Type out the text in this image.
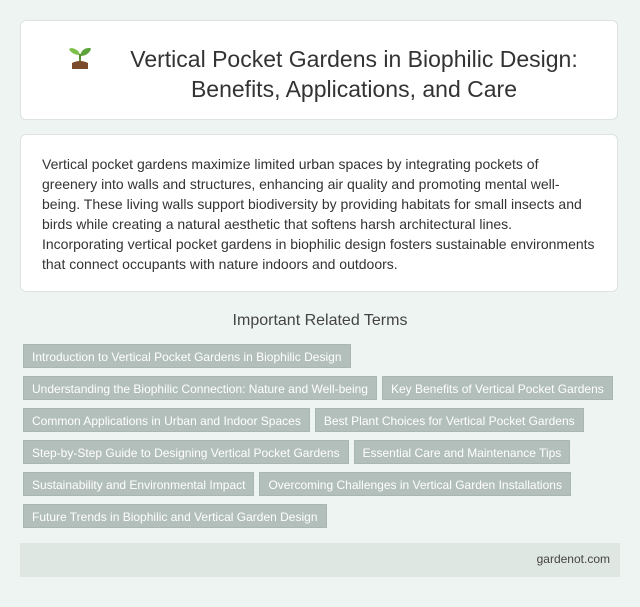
Vertical Pocket Gardens in Biophilic Design:
Benefits, Applications, and Care

Vertical pocket gardens maximize limited urban spaces by integrating pockets of greenery into walls and structures, enhancing air quality and promoting mental well-being. These living walls support biodiversity by providing habitats for small insects and birds while creating a natural aesthetic that softens harsh architectural lines. Incorporating vertical pocket gardens in biophilic design fosters sustainable environments that connect occupants with nature indoors and outdoors.

Important Related Terms
Introduction to Vertical Pocket Gardens in Biophilic Design
Understanding the Biophilic Connection: Nature and Well-being Key Benefits of Vertical Pocket Gardens
Common Applications in Urban and Indoor Spaces Best Plant Choices for Vertical Pocket Gardens
Step-by-Step Guide to Designing Vertical Pocket Gardens Essential Care and Maintenance Tips
Sustainability and Environmental Impact Overcoming Challenges in Vertical Garden Installations
Future Trends in Biophilic and Vertical Garden Design
gardenot.com
